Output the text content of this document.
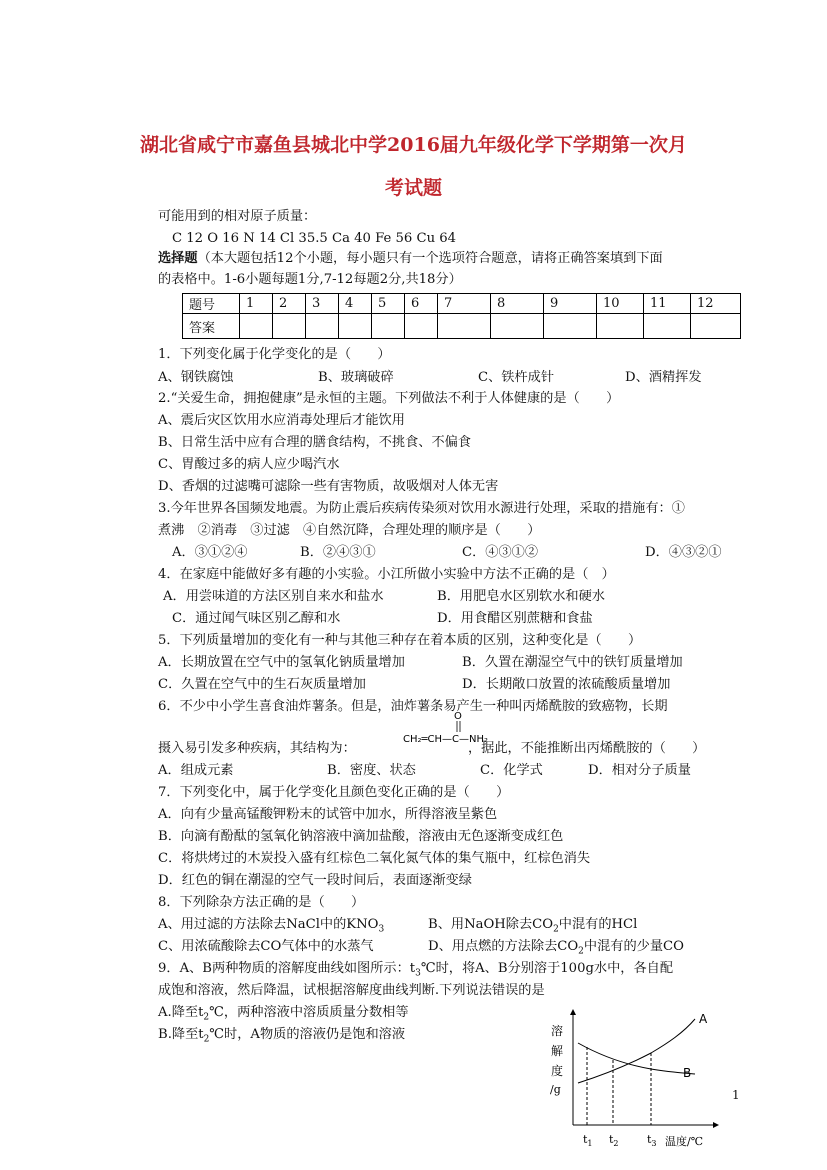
湖北省咸宁市嘉鱼县城北中学2016届九年级化学下学期第一次月
考试题
可能用到的相对原子质量：
C 12 O 16 N 14 Cl 35.5 Ca 40 Fe 56 Cu 64
选择题（本大题包括12个小题，每小题只有一个选项符合题意，请将正确答案填到下面
的表格中。1-6小题每题1分,7-12每题2分,共18分）
题号	1	2	3	4	5	6	7	8	9	10	11	12
答案												
1．下列变化属于化学变化的是（　　）
A、钢铁腐蚀	B、玻璃破碎	C、铁杵成针	D、酒精挥发
2.“关爱生命，拥抱健康”是永恒的主题。下列做法不利于人体健康的是（　　）
A、震后灾区饮用水应消毒处理后才能饮用
B、日常生活中应有合理的膳食结构，不挑食、不偏食
C、胃酸过多的病人应少喝汽水
D、香烟的过滤嘴可滤除一些有害物质，故吸烟对人体无害
3.今年世界各国频发地震。为防止震后疾病传染须对饮用水源进行处理，采取的措施有：①
煮沸　②消毒　③过滤　④自然沉降，合理处理的顺序是（　　）
A．③①②④	B．②④③①	C．④③①②	D．④③②①
4．在家庭中能做好多有趣的小实验。小江所做小实验中方法不正确的是（　）
A．用尝味道的方法区别自来水和盐水	B．用肥皂水区别软水和硬水
C．通过闻气味区别乙醇和水	D．用食醋区别蔗糖和食盐
5．下列质量增加的变化有一种与其他三种存在着本质的区别，这种变化是（　　）
A．长期放置在空气中的氢氧化钠质量增加	B．久置在潮湿空气中的铁钉质量增加
C．久置在空气中的生石灰质量增加	D．长期敞口放置的浓硫酸质量增加
6．不少中小学生喜食油炸薯条。但是，油炸薯条易产生一种叫丙烯酰胺的致癌物，长期
摄入易引发多种疾病，其结构为：
O
CH₂═CH—C—NH₂
，据此，不能推断出丙烯酰胺的（　　）
A．组成元素	B．密度、状态	C．化学式	D．相对分子质量
7．下列变化中，属于化学变化且颜色变化正确的是（　　）
A．向有少量高锰酸钾粉末的试管中加水，所得溶液呈紫色
B．向滴有酚酞的氢氧化钠溶液中滴加盐酸，溶液由无色逐渐变成红色
C．将烘烤过的木炭投入盛有红棕色二氧化氮气体的集气瓶中，红棕色消失
D．红色的铜在潮湿的空气一段时间后，表面逐渐变绿
8．下列除杂方法正确的是（　　）
A、用过滤的方法除去NaCl中的$KNO_3$	B、用NaOH除去$CO_2$中混有的HCl
C、用浓硫酸除去CO气体中的水蒸气	D、用点燃的方法除去$CO_2$中混有的少量CO
9．A、B两种物质的溶解度曲线如图所示：$t_3℃$时，将A、B分别溶于100g水中，各自配
成饱和溶液，然后降温，试根据溶解度曲线判断.下列说法错误的是
A.降至$t_2℃$，两种溶液中溶质质量分数相等
B.降至$t_2℃$时，A物质的溶液仍是饱和溶液	溶
解
度
/g
A
B
$t_1$ $t_2$	$t_3$ 温度/℃
1
